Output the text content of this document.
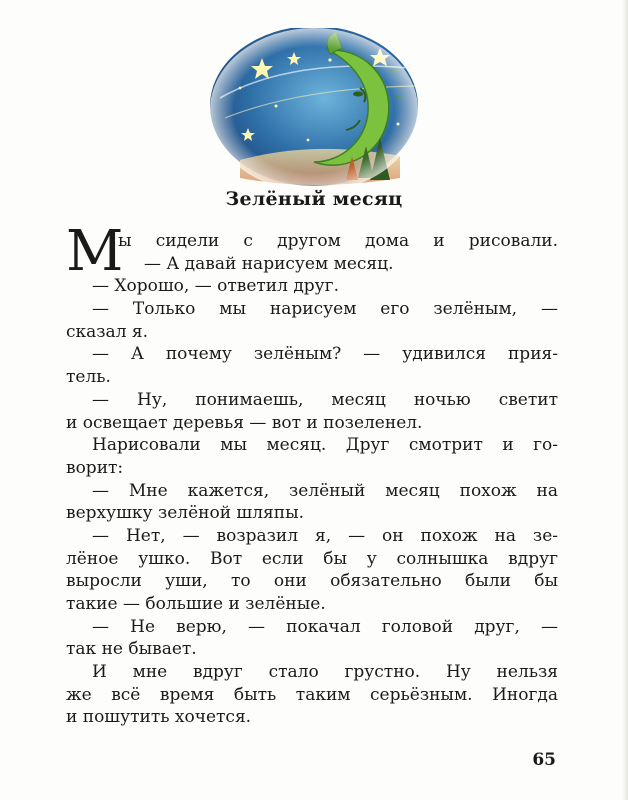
Зелёный месяц
М
ы сидели с другом дома и рисовали.
— А давай нарисуем месяц.
— Хорошо, — ответил друг.
— Только мы нарисуем его зелёным, —
сказал я.
— А почему зелёным? — удивился прия-
тель.
— Ну, понимаешь, месяц ночью светит
и освещает деревья — вот и позеленел.
Нарисовали мы месяц. Друг смотрит и го-
ворит:
— Мне кажется, зелёный месяц похож на
верхушку зелёной шляпы.
— Нет, — возразил я, — он похож на зе-
лёное ушко. Вот если бы у солнышка вдруг
выросли уши, то они обязательно были бы
такие — большие и зелёные.
— Не верю, — покачал головой друг, —
так не бывает.
И мне вдруг стало грустно. Ну нельзя
же всё время быть таким серьёзным. Иногда
и пошутить хочется.
65
